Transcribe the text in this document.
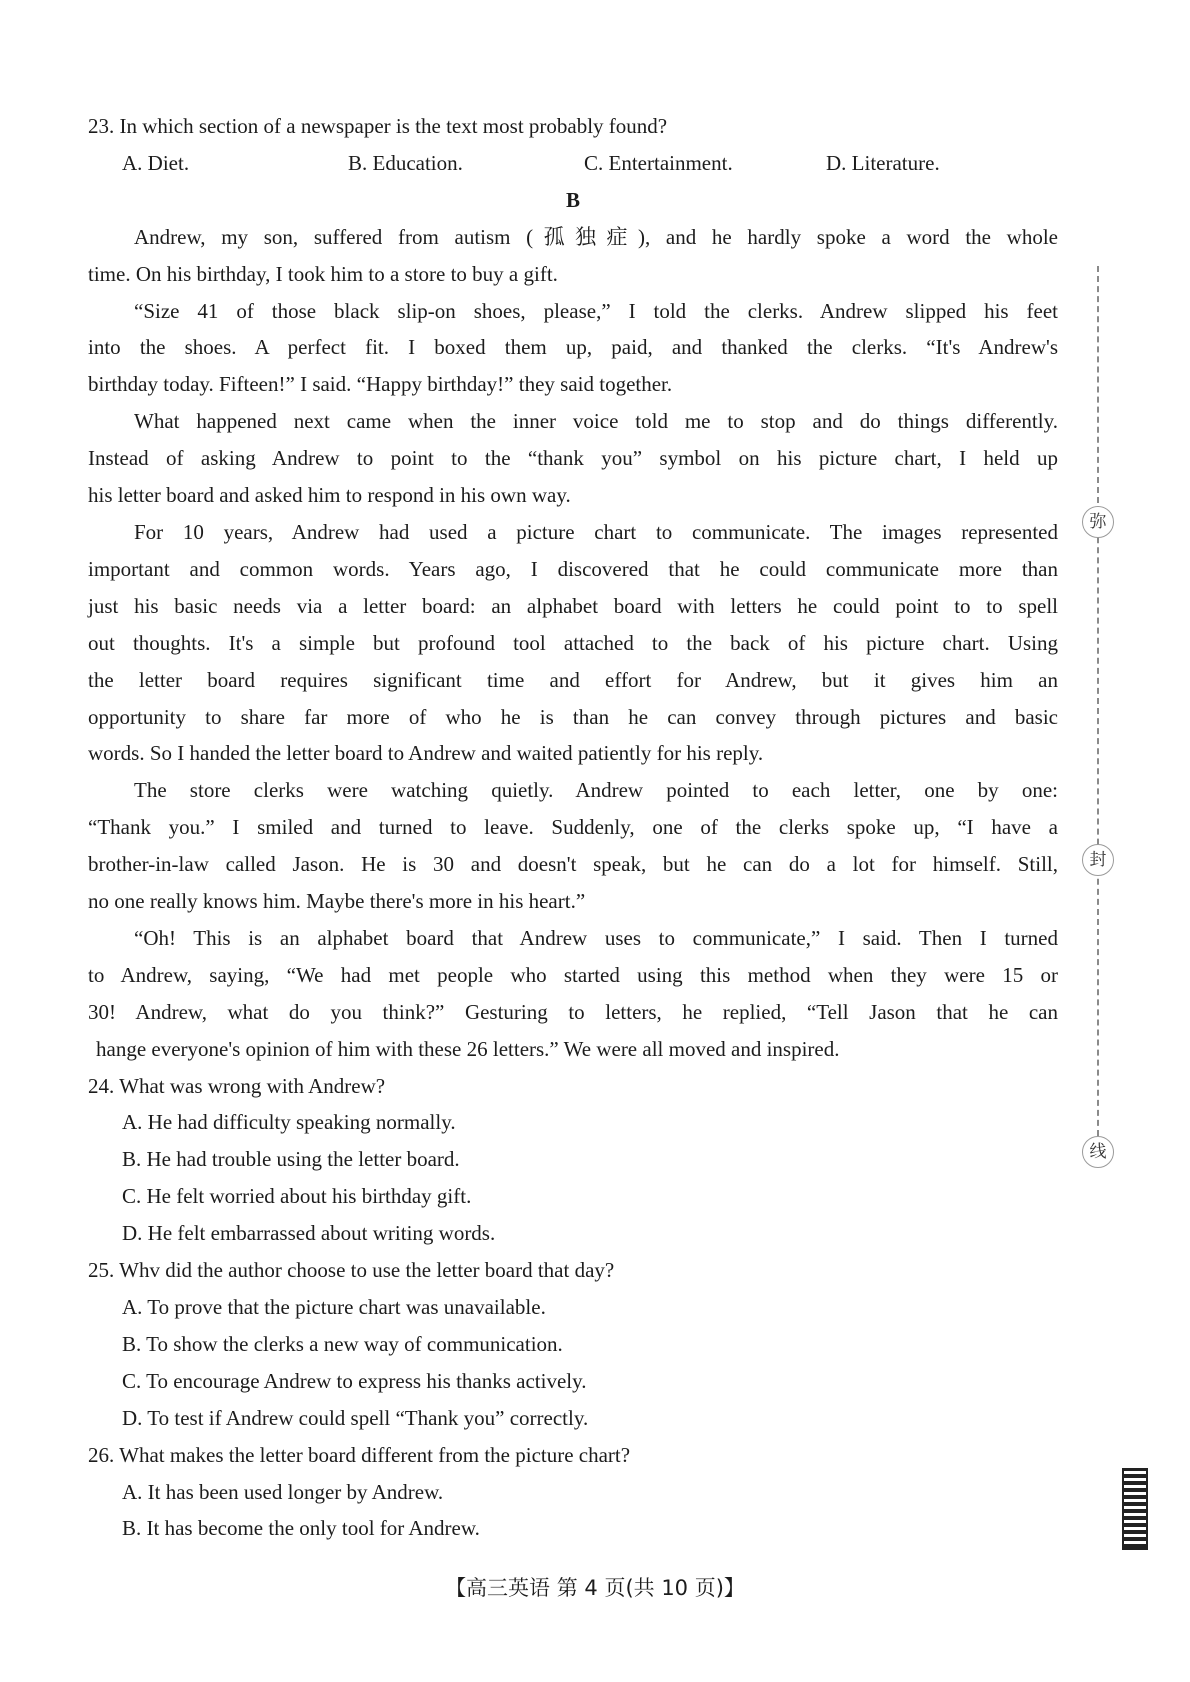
23. In which section of a newspaper is the text most probably found?
A. Diet.	B. Education.	C. Entertainment.	D. Literature.
B
Andrew, my son, suffered from autism (孤独症), and he hardly spoke a word the whole
time. On his birthday, I took him to a store to buy a gift.
“Size 41 of those black slip-on shoes, please,” I told the clerks. Andrew slipped his feet
into the shoes. A perfect fit. I boxed them up, paid, and thanked the clerks. “It's Andrew's
birthday today. Fifteen!” I said. “Happy birthday!” they said together.
What happened next came when the inner voice told me to stop and do things differently.
Instead of asking Andrew to point to the “thank you” symbol on his picture chart, I held up
his letter board and asked him to respond in his own way.
For 10 years, Andrew had used a picture chart to communicate. The images represented
important and common words. Years ago, I discovered that he could communicate more than
just his basic needs via a letter board: an alphabet board with letters he could point to to spell
out thoughts. It's a simple but profound tool attached to the back of his picture chart. Using
the letter board requires significant time and effort for Andrew, but it gives him an
opportunity to share far more of who he is than he can convey through pictures and basic
words. So I handed the letter board to Andrew and waited patiently for his reply.
The store clerks were watching quietly. Andrew pointed to each letter, one by one:
“Thank you.” I smiled and turned to leave. Suddenly, one of the clerks spoke up, “I have a
brother-in-law called Jason. He is 30 and doesn't speak, but he can do a lot for himself. Still,
no one really knows him. Maybe there's more in his heart.”
“Oh! This is an alphabet board that Andrew uses to communicate,” I said. Then I turned
to Andrew, saying, “We had met people who started using this method when they were 15 or
30! Andrew, what do you think?” Gesturing to letters, he replied, “Tell Jason that he can
hange everyone's opinion of him with these 26 letters.” We were all moved and inspired.
24. What was wrong with Andrew?
A. He had difficulty speaking normally.
B. He had trouble using the letter board.
C. He felt worried about his birthday gift.
D. He felt embarrassed about writing words.
25. Whv did the author choose to use the letter board that day?
A. To prove that the picture chart was unavailable.
B. To show the clerks a new way of communication.
C. To encourage Andrew to express his thanks actively.
D. To test if Andrew could spell “Thank you” correctly.
26. What makes the letter board different from the picture chart?
A. It has been used longer by Andrew.
B. It has become the only tool for Andrew.
弥
封
线
【高三英语 第 4 页(共 10 页)】
